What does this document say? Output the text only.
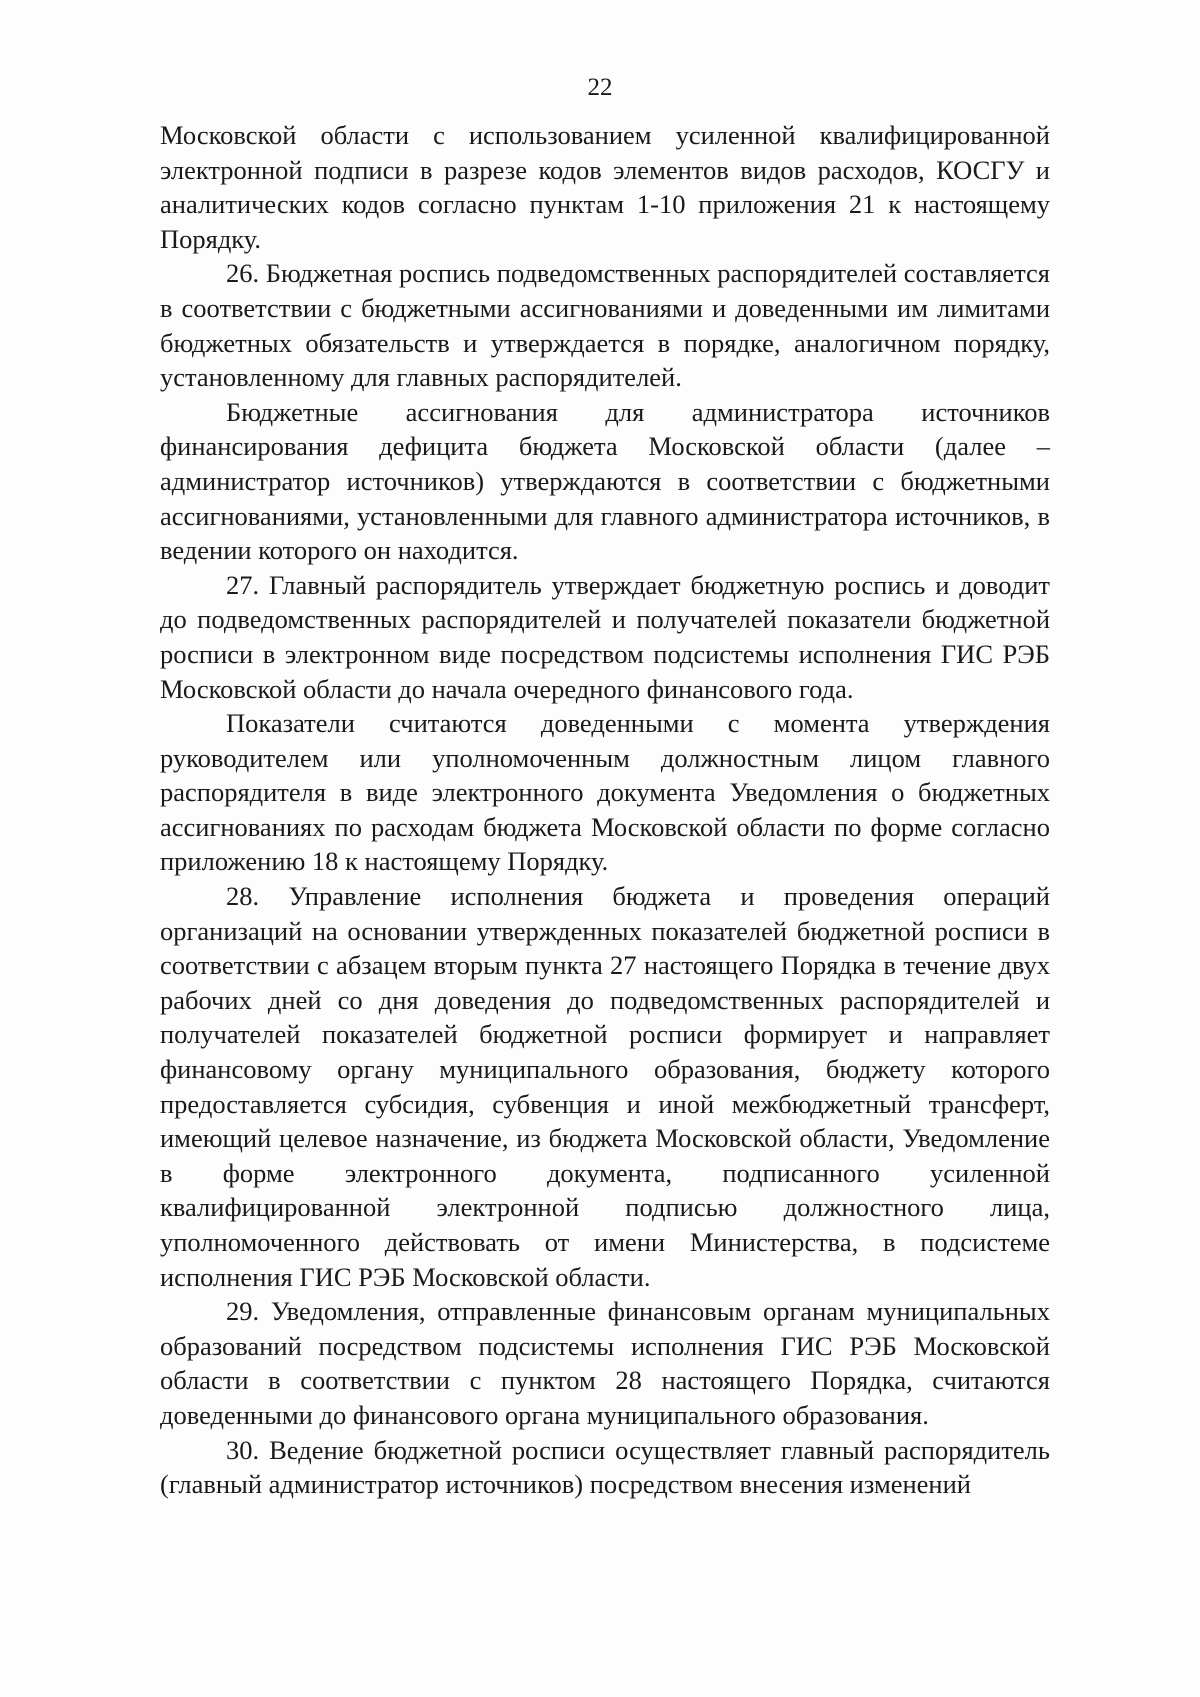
22

Московской области с использованием усиленной квалифицированной электронной подписи в разрезе кодов элементов видов расходов, КОСГУ и аналитических кодов согласно пунктам 1-10 приложения 21 к настоящему Порядку.

26. Бюджетная роспись подведомственных распорядителей составляется в соответствии с бюджетными ассигнованиями и доведенными им лимитами бюджетных обязательств и утверждается в порядке, аналогичном порядку, установленному для главных распорядителей.

Бюджетные ассигнования для администратора источников финансирования дефицита бюджета Московской области (далее – администратор источников) утверждаются в соответствии с бюджетными ассигнованиями, установленными для главного администратора источников, в ведении которого он находится.

27. Главный распорядитель утверждает бюджетную роспись и доводит до подведомственных распорядителей и получателей показатели бюджетной росписи в электронном виде посредством подсистемы исполнения ГИС РЭБ Московской области до начала очередного финансового года.

Показатели считаются доведенными с момента утверждения руководителем или уполномоченным должностным лицом главного распорядителя в виде электронного документа Уведомления о бюджетных ассигнованиях по расходам бюджета Московской области по форме согласно приложению 18 к настоящему Порядку.

28. Управление исполнения бюджета и проведения операций организаций на основании утвержденных показателей бюджетной росписи в соответствии с абзацем вторым пункта 27 настоящего Порядка в течение двух рабочих дней со дня доведения до подведомственных распорядителей и получателей показателей бюджетной росписи формирует и направляет финансовому органу муниципального образования, бюджету которого предоставляется субсидия, субвенция и иной межбюджетный трансферт, имеющий целевое назначение, из бюджета Московской области, Уведомление в форме электронного документа, подписанного усиленной квалифицированной электронной подписью должностного лица, уполномоченного действовать от имени Министерства, в подсистеме исполнения ГИС РЭБ Московской области.

29. Уведомления, отправленные финансовым органам муниципальных образований посредством подсистемы исполнения ГИС РЭБ Московской области в соответствии с пунктом 28 настоящего Порядка, считаются доведенными до финансового органа муниципального образования.

30. Ведение бюджетной росписи осуществляет главный распорядитель (главный администратор источников) посредством внесения изменений
